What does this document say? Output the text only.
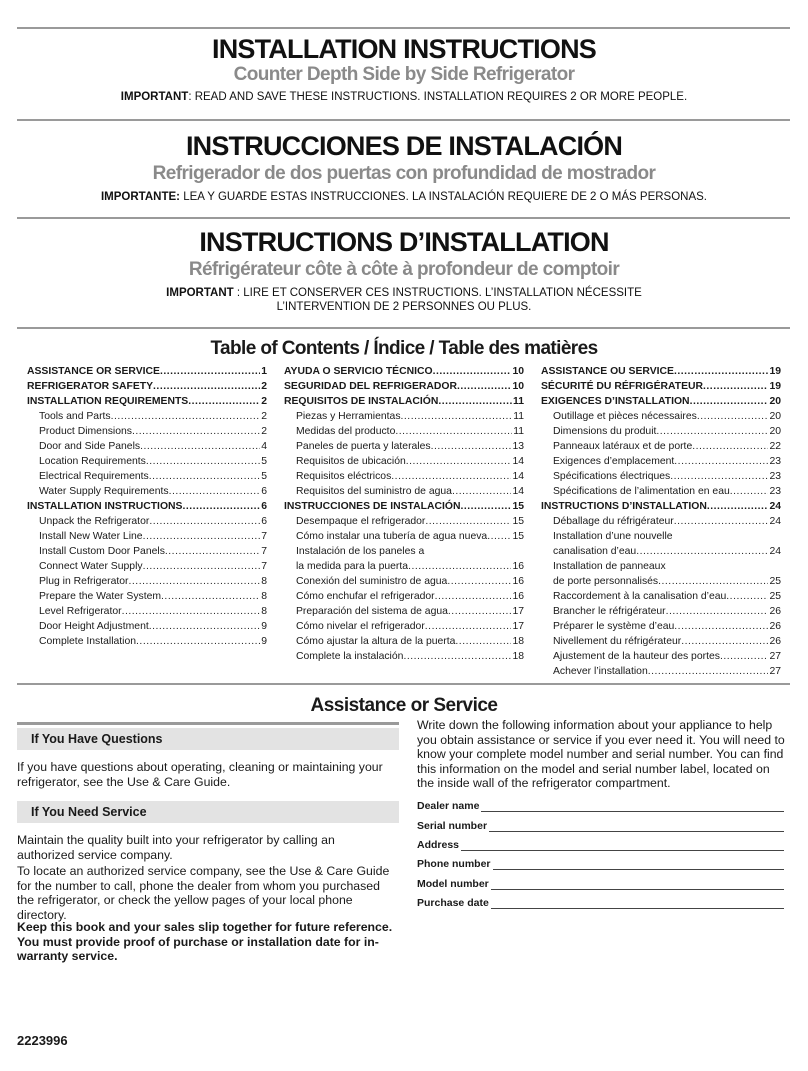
INSTALLATION INSTRUCTIONS
Counter Depth Side by Side Refrigerator
IMPORTANT: READ AND SAVE THESE INSTRUCTIONS. INSTALLATION REQUIRES 2 OR MORE PEOPLE.
INSTRUCCIONES DE INSTALACIÓN
Refrigerador de dos puertas con profundidad de mostrador
IMPORTANTE: LEA Y GUARDE ESTAS INSTRUCCIONES. LA INSTALACIÓN REQUIERE DE 2 O MÁS PERSONAS.
INSTRUCTIONS D’INSTALLATION
Réfrigérateur côte à côte à profondeur de comptoir
IMPORTANT : LIRE ET CONSERVER CES INSTRUCTIONS. L’INSTALLATION NÉCESSITE
L’INTERVENTION DE 2 PERSONNES OU PLUS.
Table of Contents / Índice / Table des matières
ASSISTANCE OR SERVICE .....	1
REFRIGERATOR SAFETY .....	2
INSTALLATION REQUIREMENTS .....	2
Tools and Parts .....	2
Product Dimensions .....	2
Door and Side Panels .....	4
Location Requirements .....	5
Electrical Requirements .....	5
Water Supply Requirements .....	6
INSTALLATION INSTRUCTIONS .....	6
Unpack the Refrigerator .....	6
Install New Water Line .....	7
Install Custom Door Panels .....	7
Connect Water Supply .....	7
Plug in Refrigerator .....	8
Prepare the Water System .....	8
Level Refrigerator .....	8
Door Height Adjustment .....	9
Complete Installation .....	9
AYUDA O SERVICIO TÉCNICO .....	10
SEGURIDAD DEL REFRIGERADOR .....	10
REQUISITOS DE INSTALACIÓN .....	11
Piezas y Herramientas .....	11
Medidas del producto .....	11
Paneles de puerta y laterales .....	13
Requisitos de ubicación .....	14
Requisitos eléctricos .....	14
Requisitos del suministro de agua .....	14
INSTRUCCIONES DE INSTALACIÓN .....	15
Desempaque el refrigerador .....	15
Cómo instalar una tubería de agua nueva ..... 15
Instalación de los paneles a
la medida para la puerta .....	16
Conexión del suministro de agua .....	16
Cómo enchufar el refrigerador .....	16
Preparación del sistema de agua .....	17
Cómo nivelar el refrigerador .....	17
Cómo ajustar la altura de la puerta .....	18
Complete la instalación .....	18
ASSISTANCE OU SERVICE .....	19
SÉCURITÉ DU RÉFRIGÉRATEUR .....	19
EXIGENCES D’INSTALLATION .....	20
Outillage et pièces nécessaires .....	20
Dimensions du produit .....	20
Panneaux latéraux et de porte .....	22
Exigences d’emplacement .....	23
Spécifications électriques .....	23
Spécifications de l’alimentation en eau .....	23
INSTRUCTIONS D’INSTALLATION .....	24
Déballage du réfrigérateur .....	24
Installation d’une nouvelle
canalisation d’eau .....	24
Installation de panneaux
de porte personnalisés .....	25
Raccordement à la canalisation d’eau .....	25
Brancher le réfrigérateur .....	26
Préparer le système d’eau .....	26
Nivellement du réfrigérateur .....	26
Ajustement de la hauteur des portes .....	27
Achever l’installation .....	27
Assistance or Service
If You Have Questions
If you have questions about operating, cleaning or maintaining your refrigerator, see the Use & Care Guide.
If You Need Service
Maintain the quality built into your refrigerator by calling an authorized service company.
To locate an authorized service company, see the Use & Care Guide for the number to call, phone the dealer from whom you purchased the refrigerator, or check the yellow pages of your local phone directory.
Keep this book and your sales slip together for future reference. You must provide proof of purchase or installation date for in-warranty service.
Write down the following information about your appliance to help you obtain assistance or service if you ever need it. You will need to know your complete model number and serial number. You can find this information on the model and serial number label, located on the inside wall of the refrigerator compartment.
Dealer name
Serial number
Address
Phone number
Model number
Purchase date
2223996
